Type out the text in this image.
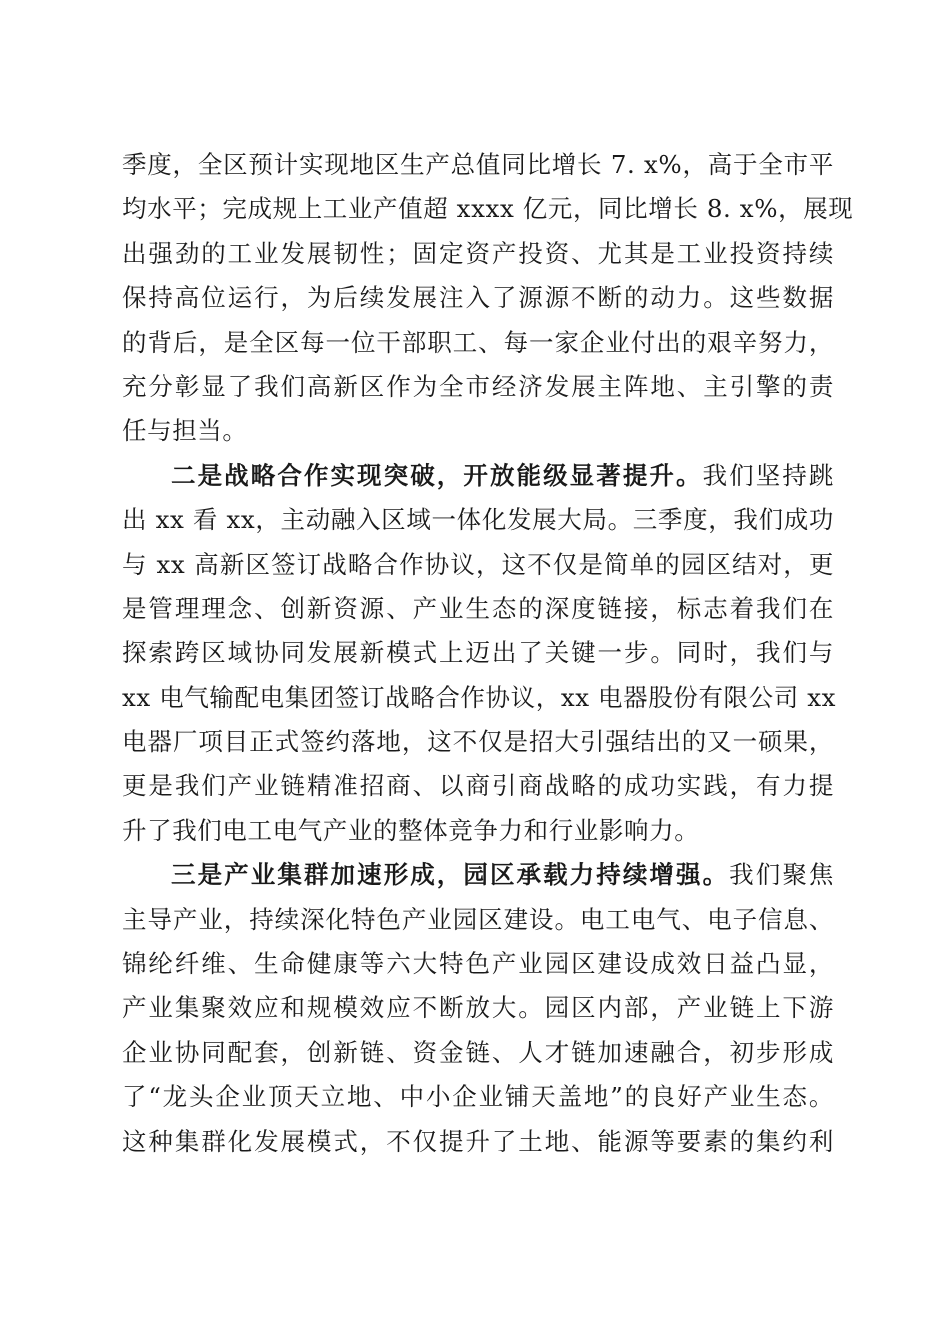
季度，全区预计实现地区生产总值同比增长 7. x%，高于全市平
均水平；完成规上工业产值超 xxxx 亿元，同比增长 8. x%，展现
出强劲的工业发展韧性；固定资产投资、尤其是工业投资持续
保持高位运行，为后续发展注入了源源不断的动力。这些数据
的背后，是全区每一位干部职工、每一家企业付出的艰辛努力，
充分彰显了我们高新区作为全市经济发展主阵地、主引擎的责
任与担当。
二是战略合作实现突破，开放能级显著提升。我们坚持跳
出 xx 看 xx，主动融入区域一体化发展大局。三季度，我们成功
与 xx 高新区签订战略合作协议，这不仅是简单的园区结对，更
是管理理念、创新资源、产业生态的深度链接，标志着我们在
探索跨区域协同发展新模式上迈出了关键一步。同时，我们与
xx 电气输配电集团签订战略合作协议，xx 电器股份有限公司 xx
电器厂项目正式签约落地，这不仅是招大引强结出的又一硕果，
更是我们产业链精准招商、以商引商战略的成功实践，有力提
升了我们电工电气产业的整体竞争力和行业影响力。
三是产业集群加速形成，园区承载力持续增强。我们聚焦
主导产业，持续深化特色产业园区建设。电工电气、电子信息、
锦纶纤维、生命健康等六大特色产业园区建设成效日益凸显，
产业集聚效应和规模效应不断放大。园区内部，产业链上下游
企业协同配套，创新链、资金链、人才链加速融合，初步形成
了“龙头企业顶天立地、中小企业铺天盖地”的良好产业生态。
这种集群化发展模式，不仅提升了土地、能源等要素的集约利
